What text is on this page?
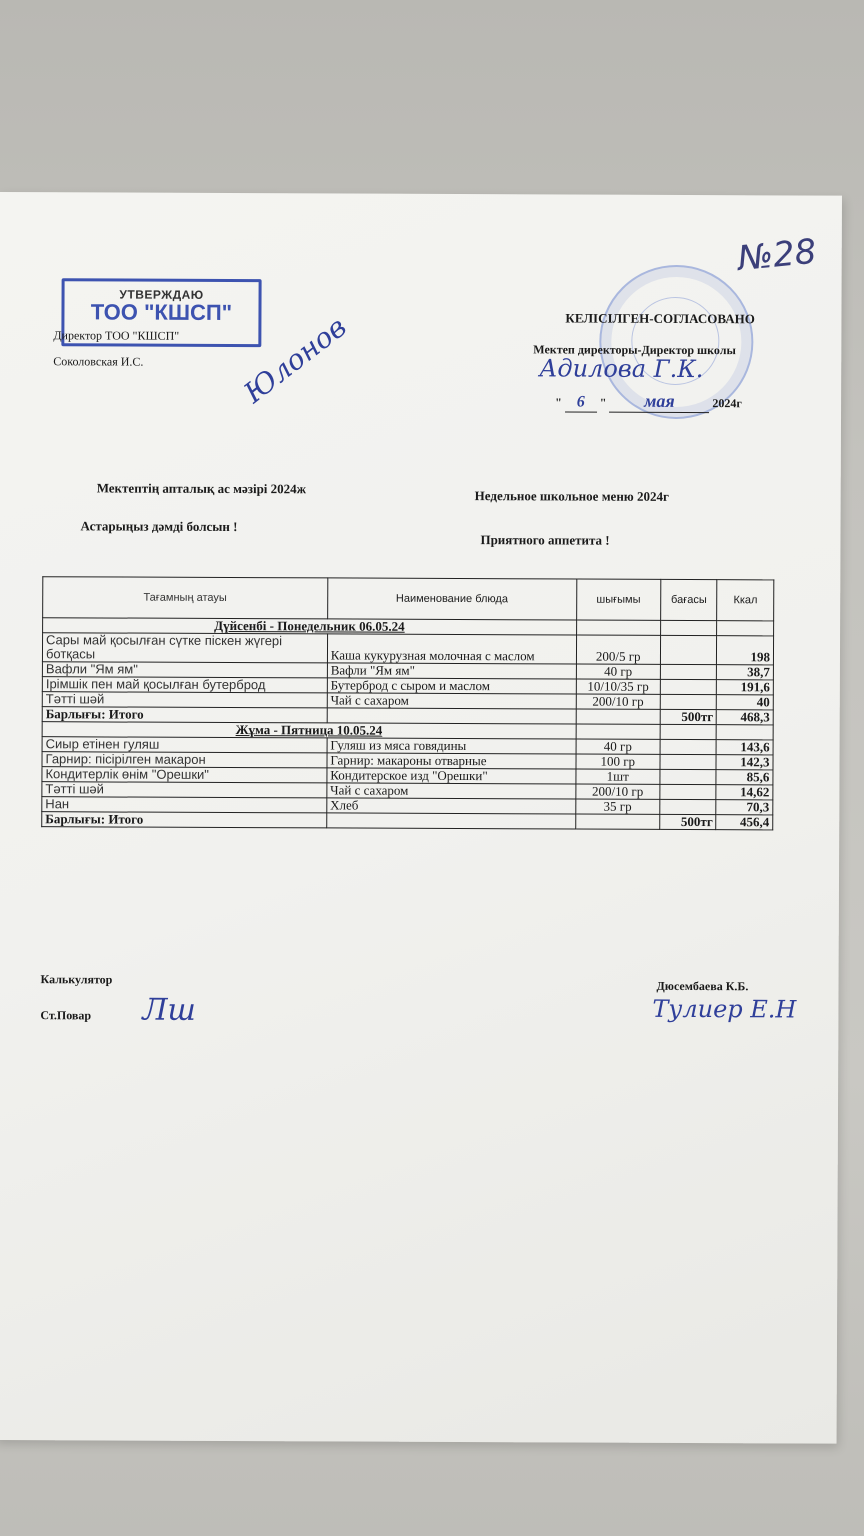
№28
УТВЕРЖДАЮ
ТОО "КШСП"
Директор ТОО "КШСП"
Соколовская И.С.	Юлонов	КЕЛІСІЛГЕН-СОГЛАСОВАНО
Мектеп директоры-Директор школы
Адилова Г.К.
" 6 " мая	2024г
Мектептің апталық ас мәзірі 2024ж	Недельное школьное меню 2024г
Астарыңыз дәмді болсын !
Приятного аппетита !
Тағамның атауы	Наименование блюда	шығымы	бағасы	Ккал
Дүйсенбі - Понедельник 06.05.24				
Сары май қосылған сүтке піскен жүгері ботқасы	Каша кукурузная молочная с маслом	200/5 гр		198
Вафли "Ям ям"	Вафли "Ям ям"	40 гр		38,7
Ірімшік пен май қосылған бутерброд	Бутерброд с сыром и маслом	10/10/35 гр		191,6
Тәтті шәй	Чай с сахаром	200/10 гр		40
Барлығы: Итого			500тг	468,3
Жұма - Пятница 10.05.24				
Сиыр етінен гуляш	Гуляш из мяса говядины	40 гр		143,6
Гарнир: пісірілген макарон	Гарнир: макароны отварные	100 гр		142,3
Кондитерлік өнім "Орешки"	Кондитерское изд "Орешки"	1шт		85,6
Тәтті шәй	Чай с сахаром	200/10 гр		14,62
Нан	Хлеб	35 гр		70,3
Барлығы: Итого			500тг	456,4
Калькулятор	Дюсембаева К.Б.
Тулиер Е.Н
Ст.Повар Лш
